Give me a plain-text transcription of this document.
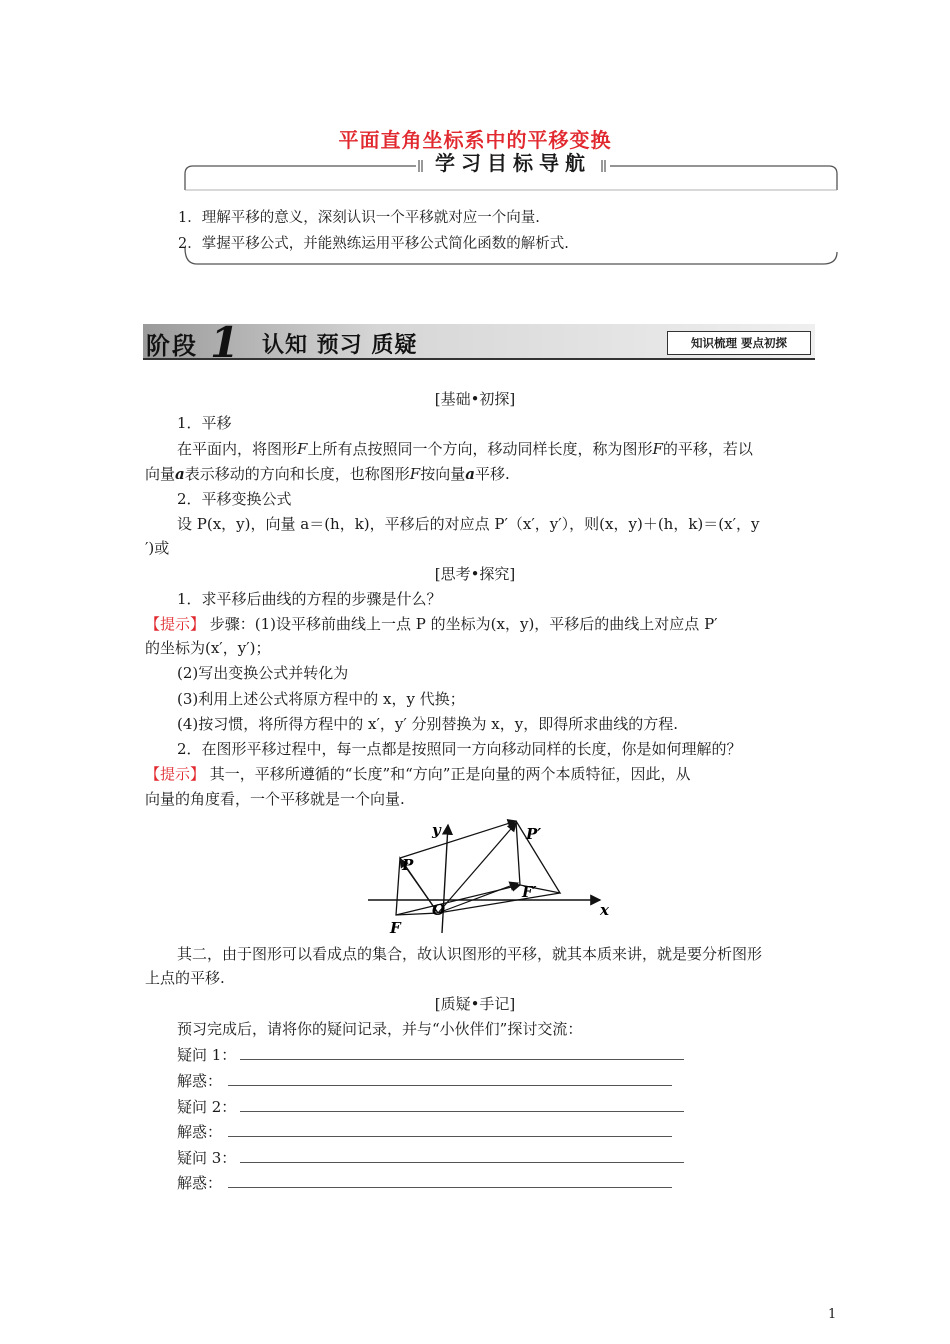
平面直角坐标系中的平移变换
学习目标导航
1．理解平移的意义，深刻认识一个平移就对应一个向量.
2．掌握平移公式，并能熟练运用平移公式简化函数的解析式.
阶段 1 认知 预习 质疑	知识梳理 要点初探
[基础•初探]
1．平移
在平面内，将图形F上所有点按照同一个方向，移动同样长度，称为图形F的平移，若以
向量a表示移动的方向和长度，也称图形F按向量a平移.
2．平移变换公式
设 P(x，y)，向量 a＝(h，k)，平移后的对应点 P′（x′，y′），则(x，y)＋(h，k)＝(x′，y
′)或
[思考•探究]
1．求平移后曲线的方程的步骤是什么？
【提示】 步骤：(1)设平移前曲线上一点 P 的坐标为(x，y)，平移后的曲线上对应点 P′
的坐标为(x′，y′)；
(2)写出变换公式并转化为
(3)利用上述公式将原方程中的 x，y 代换；
(4)按习惯，将所得方程中的 x′，y′ 分别替换为 x，y，即得所求曲线的方程.
2．在图形平移过程中，每一点都是按照同一方向移动同样的长度，你是如何理解的？
【提示】 其一，平移所遵循的“长度”和“方向”正是向量的两个本质特征，因此，从
向量的角度看，一个平移就是一个向量.
y
x
P
P′
O
F
F′
其二，由于图形可以看成点的集合，故认识图形的平移，就其本质来讲，就是要分析图形
上点的平移.
[质疑•手记]
预习完成后，请将你的疑问记录，并与“小伙伴们”探讨交流：
疑问 1：
解惑：
疑问 2：
解惑：
疑问 3：
解惑：
1
